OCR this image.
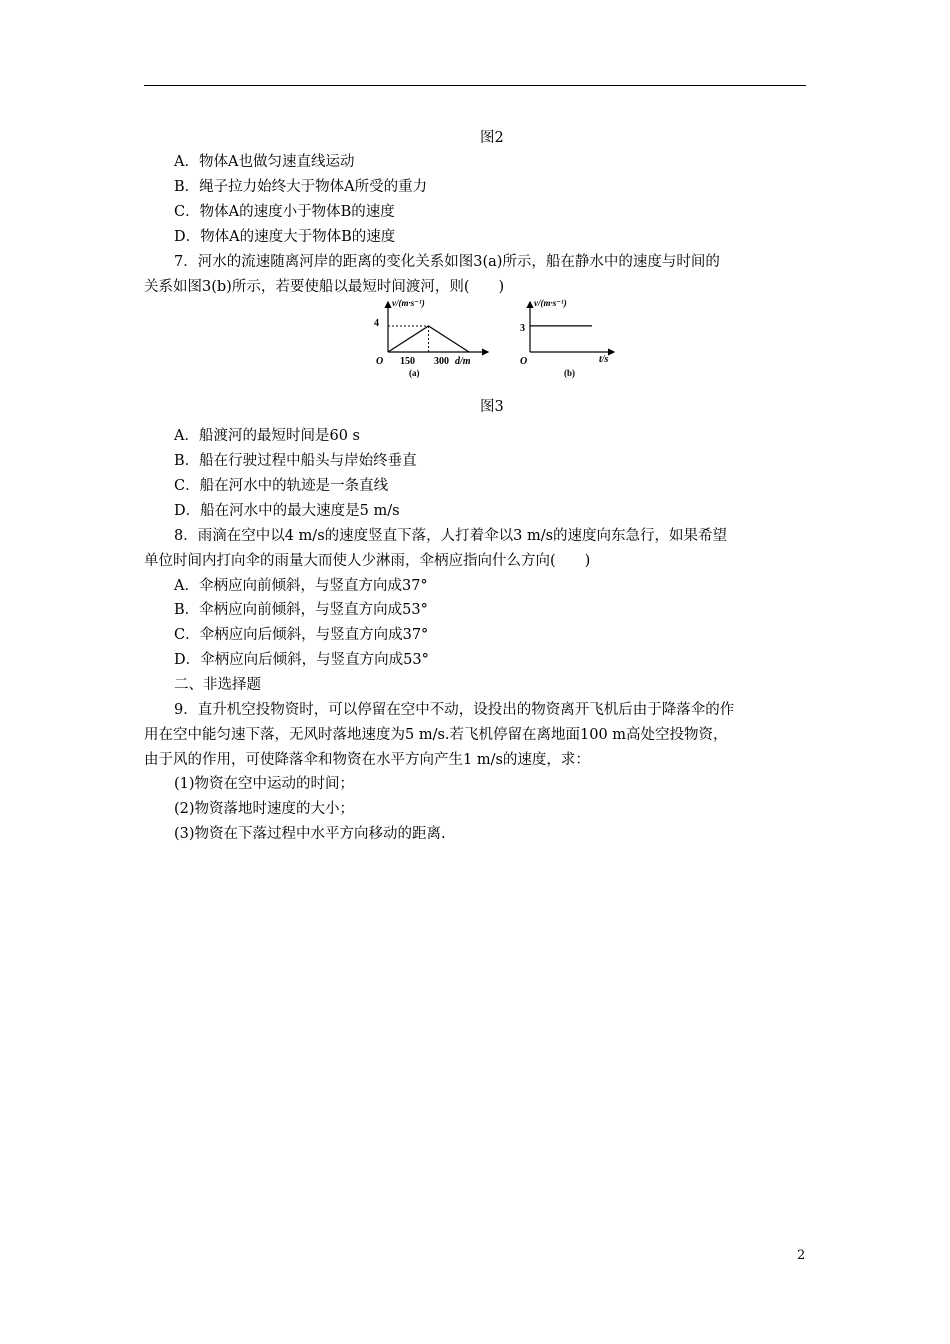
图2
A．物体A也做匀速直线运动
B．绳子拉力始终大于物体A所受的重力
C．物体A的速度小于物体B的速度
D．物体A的速度大于物体B的速度
7．河水的流速随离河岸的距离的变化关系如图3(a)所示，船在静水中的速度与时间的
关系如图3(b)所示，若要使船以最短时间渡河，则(　　)
v/(m·s⁻¹)
4
O 150 300 d/m
(a)
v/(m·s⁻¹)
3
O	t/s
(b)
图3
A．船渡河的最短时间是60 s
B．船在行驶过程中船头与岸始终垂直
C．船在河水中的轨迹是一条直线
D．船在河水中的最大速度是5 m/s
8．雨滴在空中以4 m/s的速度竖直下落，人打着伞以3 m/s的速度向东急行，如果希望
单位时间内打向伞的雨量大而使人少淋雨，伞柄应指向什么方向(　　)
A．伞柄应向前倾斜，与竖直方向成37°
B．伞柄应向前倾斜，与竖直方向成53°
C．伞柄应向后倾斜，与竖直方向成37°
D．伞柄应向后倾斜，与竖直方向成53°
二、非选择题
9．直升机空投物资时，可以停留在空中不动，设投出的物资离开飞机后由于降落伞的作
用在空中能匀速下落，无风时落地速度为5 m/s.若飞机停留在离地面100 m高处空投物资，
由于风的作用，可使降落伞和物资在水平方向产生1 m/s的速度，求：
(1)物资在空中运动的时间；
(2)物资落地时速度的大小；
(3)物资在下落过程中水平方向移动的距离.
2
